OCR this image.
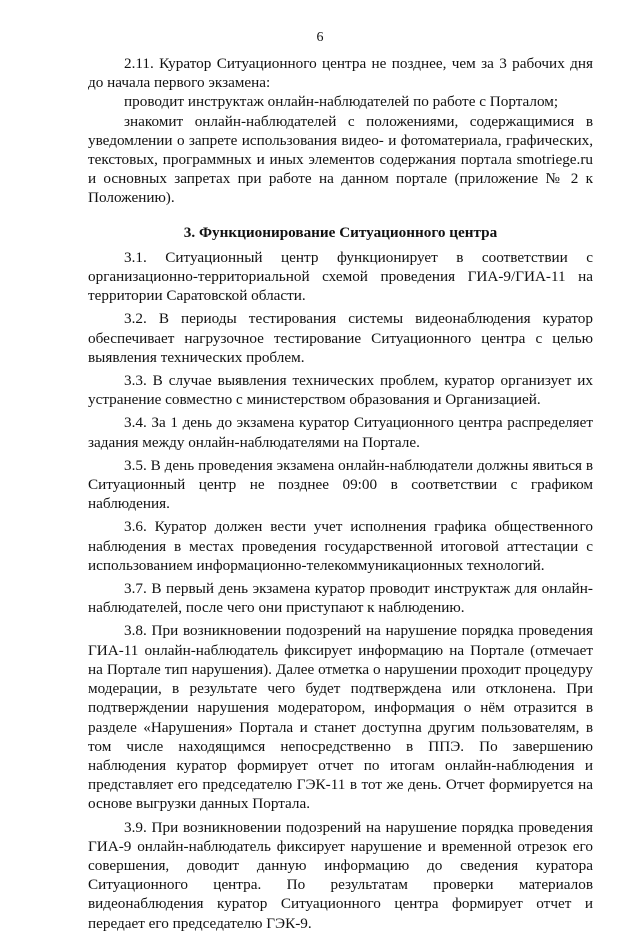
6

2.11. Куратор Ситуационного центра не позднее, чем за 3 рабочих дня до начала первого экзамена:

проводит инструктаж онлайн-наблюдателей по работе с Порталом;

знакомит онлайн-наблюдателей с положениями, содержащимися в уведомлении о запрете использования видео- и фотоматериала, графических, текстовых, программных и иных элементов содержания портала smotriege.ru и основных запретах при работе на данном портале (приложение № 2 к Положению).

3. Функционирование Ситуационного центра

3.1. Ситуационный центр функционирует в соответствии с организационно-территориальной схемой проведения ГИА-9/ГИА-11 на территории Саратовской области.

3.2. В периоды тестирования системы видеонаблюдения куратор обеспечивает нагрузочное тестирование Ситуационного центра с целью выявления технических проблем.

3.3. В случае выявления технических проблем, куратор организует их устранение совместно с министерством образования и Организацией.

3.4. За 1 день до экзамена куратор Ситуационного центра распределяет задания между онлайн-наблюдателями на Портале.

3.5. В день проведения экзамена онлайн-наблюдатели должны явиться в Ситуационный центр не позднее 09:00 в соответствии с графиком наблюдения.

3.6. Куратор должен вести учет исполнения графика общественного наблюдения в местах проведения государственной итоговой аттестации с использованием информационно-телекоммуникационных технологий.

3.7. В первый день экзамена куратор проводит инструктаж для онлайн-наблюдателей, после чего они приступают к наблюдению.

3.8. При возникновении подозрений на нарушение порядка проведения ГИА-11 онлайн-наблюдатель фиксирует информацию на Портале (отмечает на Портале тип нарушения). Далее отметка о нарушении проходит процедуру модерации, в результате чего будет подтверждена или отклонена. При подтверждении нарушения модератором, информация о нём отразится в разделе «Нарушения» Портала и станет доступна другим пользователям, в том числе находящимся непосредственно в ППЭ. По завершению наблюдения куратор формирует отчет по итогам онлайн-наблюдения и представляет его председателю ГЭК-11 в тот же день. Отчет формируется на основе выгрузки данных Портала.

3.9. При возникновении подозрений на нарушение порядка проведения ГИА-9 онлайн-наблюдатель фиксирует нарушение и временной отрезок его совершения, доводит данную информацию до сведения куратора Ситуационного центра. По результатам проверки материалов видеонаблюдения куратор Ситуационного центра формирует отчет и передает его председателю ГЭК-9.
